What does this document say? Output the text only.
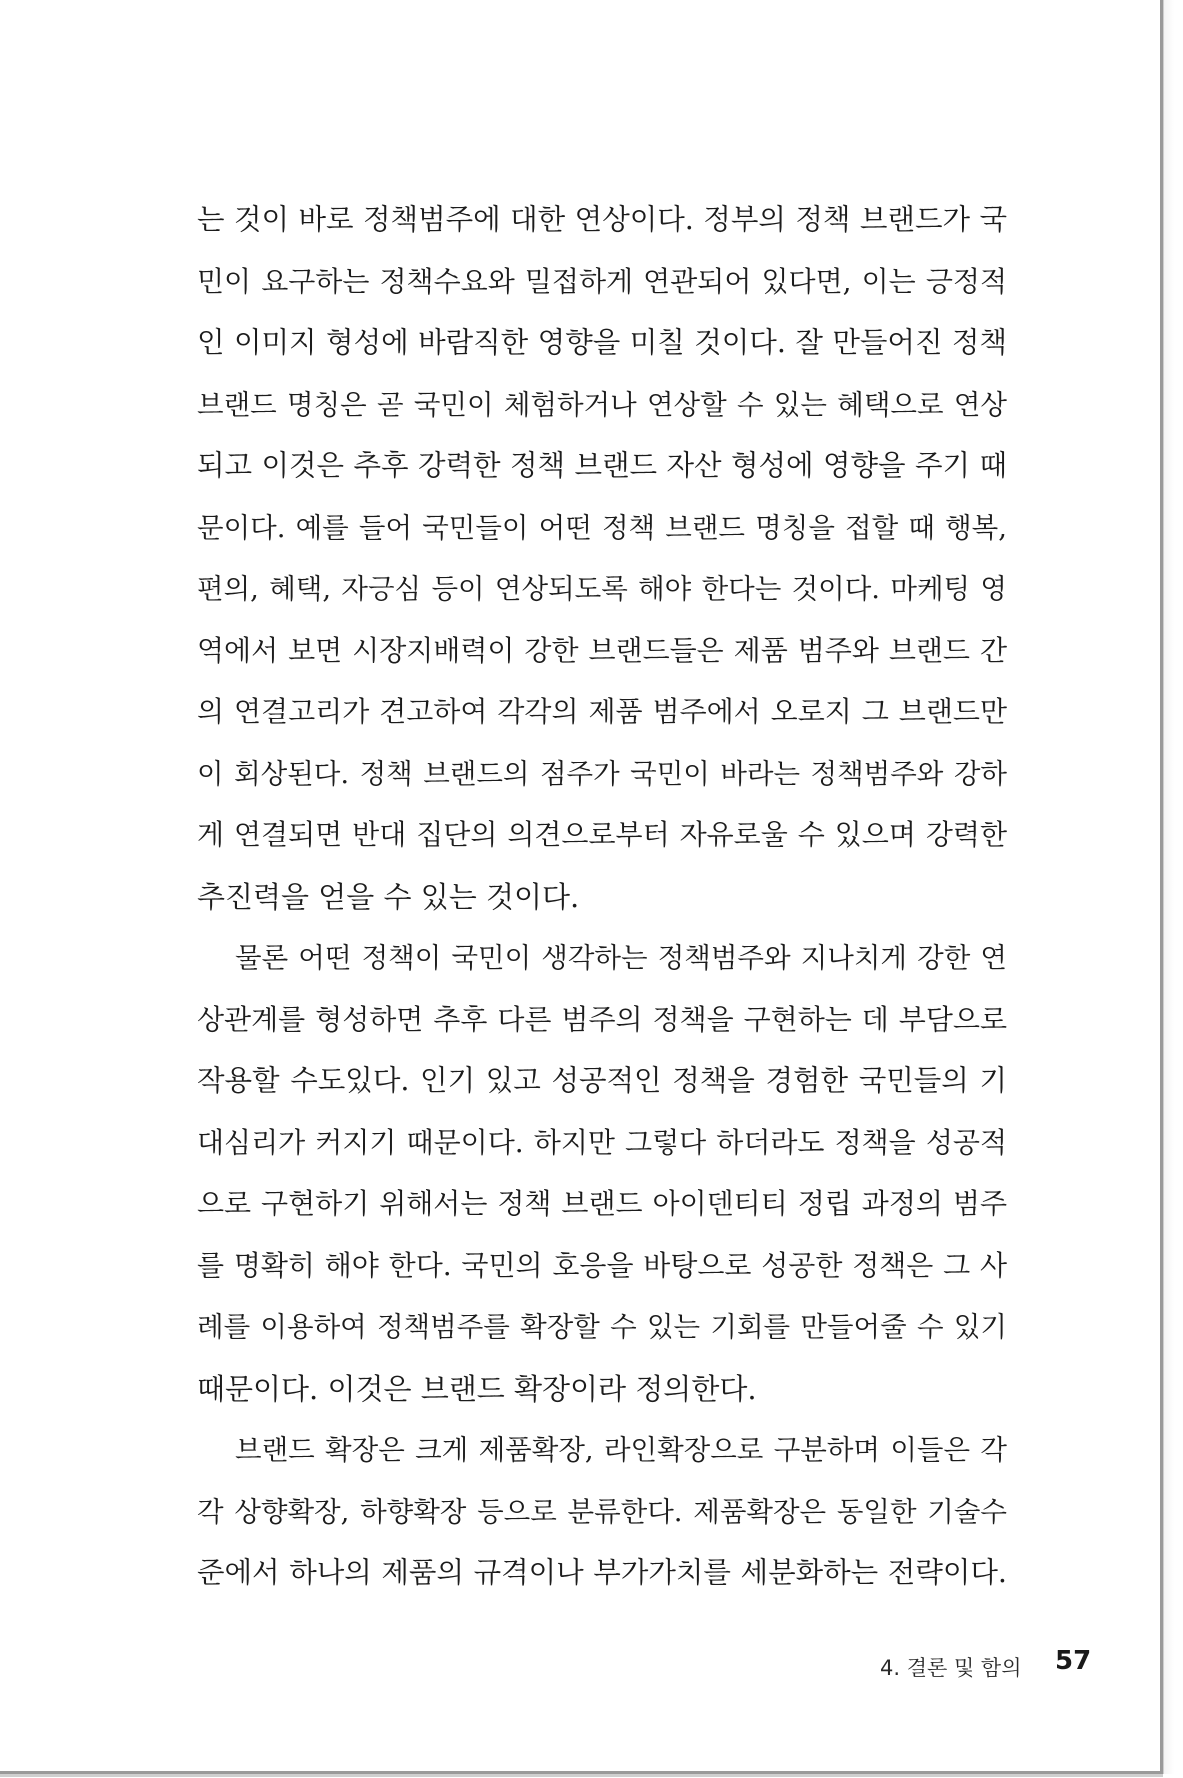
는 것이 바로 정책범주에 대한 연상이다. 정부의 정책 브랜드가 국
민이 요구하는 정책수요와 밀접하게 연관되어 있다면, 이는 긍정적
인 이미지 형성에 바람직한 영향을 미칠 것이다. 잘 만들어진 정책
브랜드 명칭은 곧 국민이 체험하거나 연상할 수 있는 혜택으로 연상
되고 이것은 추후 강력한 정책 브랜드 자산 형성에 영향을 주기 때
문이다. 예를 들어 국민들이 어떤 정책 브랜드 명칭을 접할 때 행복,
편의, 혜택, 자긍심 등이 연상되도록 해야 한다는 것이다. 마케팅 영
역에서 보면 시장지배력이 강한 브랜드들은 제품 범주와 브랜드 간
의 연결고리가 견고하여 각각의 제품 범주에서 오로지 그 브랜드만
이 회상된다. 정책 브랜드의 점주가 국민이 바라는 정책범주와 강하
게 연결되면 반대 집단의 의견으로부터 자유로울 수 있으며 강력한
추진력을 얻을 수 있는 것이다.
물론 어떤 정책이 국민이 생각하는 정책범주와 지나치게 강한 연
상관계를 형성하면 추후 다른 범주의 정책을 구현하는 데 부담으로
작용할 수도있다. 인기 있고 성공적인 정책을 경험한 국민들의 기
대심리가 커지기 때문이다. 하지만 그렇다 하더라도 정책을 성공적
으로 구현하기 위해서는 정책 브랜드 아이덴티티 정립 과정의 범주
를 명확히 해야 한다. 국민의 호응을 바탕으로 성공한 정책은 그 사
례를 이용하여 정책범주를 확장할 수 있는 기회를 만들어줄 수 있기
때문이다. 이것은 브랜드 확장이라 정의한다.
브랜드 확장은 크게 제품확장, 라인확장으로 구분하며 이들은 각
각 상향확장, 하향확장 등으로 분류한다. 제품확장은 동일한 기술수
준에서 하나의 제품의 규격이나 부가가치를 세분화하는 전략이다.
4. 결론 및 함의 57
